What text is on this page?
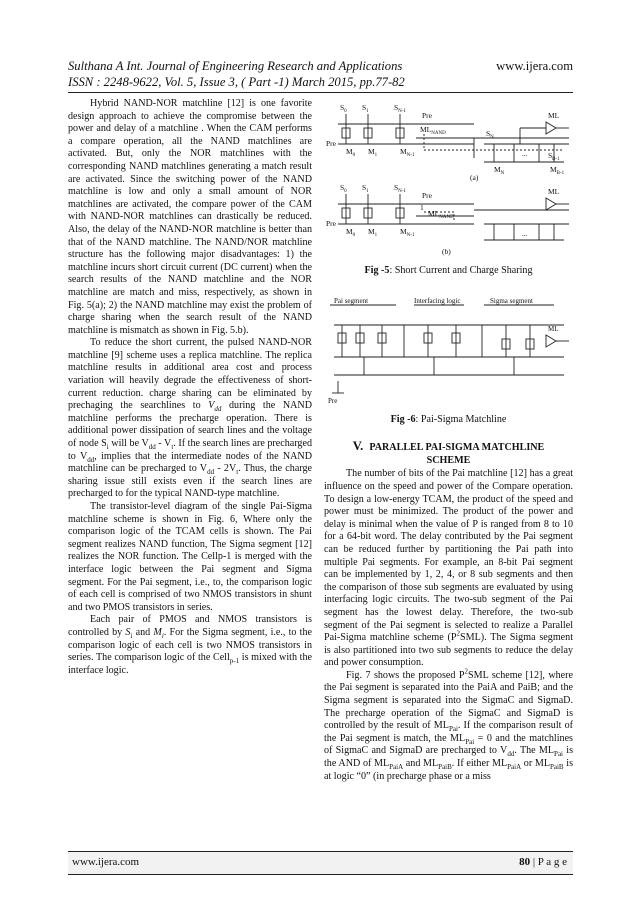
Sulthana A Int. Journal of Engineering Research and Applications
ISSN : 2248-9622, Vol. 5, Issue 3, ( Part -1) March 2015, pp.77-82
www.ijera.com

Hybrid NAND-NOR matchline [12] is one favorite design approach to achieve the compromise between the power and delay of a matchline . When the CAM performs a compare operation, all the NAND matchlines are activated. But, only the NOR matchlines with the corresponding NAND matchlines generating a match result are activated. Since the switching power of the NAND matchline is low and only a small amount of NOR matchlines are activated, the compare power of the CAM with NAND-NOR matchlines can drastically be reduced. Also, the delay of the NAND-NOR matchline is better than that of the NAND matchline. The NAND/NOR matchline structure has the following major disadvantages: 1) the matchline incurs short circuit current (DC current) when the search results of the NAND matchline and the NOR matchline are match and miss, respectively, as shown in Fig. 5(a); 2) the NAND matchline may exist the problem of charge sharing when the search result of the NAND matchline is mismatch as shown in Fig. 5.b).

To reduce the short current, the pulsed NAND-NOR matchline [9] scheme uses a replica matchline. The replica matchline results in additional area cost and process variation will heavily degrade the effectiveness of short-current reduction. charge sharing can be eliminated by prechaging the searchlines to $V_{dd}$ during the NAND matchline performs the precharge operation. There is additional power dissipation of search lines and the voltage of node $S_i$ will be $V_{dd} - V_t$. If the search lines are precharged to $V_{dd}$, implies that the intermediate nodes of the NAND matchline can be precharged to $V_{dd} - 2V_t$. Thus, the charge sharing issue still exists even if the search lines are precharged to for the typical NAND-type matchline.

The transistor-level diagram of the single Pai-Sigma matchline scheme is shown in Fig. 6, Where only the comparison logic of the TCAM cells is shown. The Pai segment realizes NAND function, The Sigma segment [12] realizes the NOR function. The Cellp-1 is merged with the interface logic between the Pai segment and Sigma segment. For the Pai segment, i.e., to, the comparison logic of each cell is comprised of two NMOS transistors in shunt and two PMOS transistors in series.

Each pair of PMOS and NMOS transistors is controlled by $S_i$ and $M_i$. For the Sigma segment, i.e., to the comparison logic of each cell is two NMOS transistors in series. The comparison logic of the Cell$_{p-1}$ is mixed with the interface logic.

$S_0$ $S_1$	$S_{N-1}$ Pre
$ML_{NAND}$
ML
Pre
$M_0$ $M_1$	$M_{N-1}$
$S_N$
$S_{B-1}$
$M_N$	$M_{B-1}$
...
(a)
$S_0$ $S_1$	$S_{N-1}$ Pre
1
$ML_{NAND}$
ML
Pre
$M_0$ $M_1$	$M_{N-1}$	...
(b)
Fig -5: Short Current and Charge Sharing
Pai segment	Interfacing logic	Sigma segment
Pre
ML
Fig -6: Pai-Sigma Matchline
V. PARALLEL PAI-SIGMA MATCHLINE
SCHEME

The number of bits of the Pai matchline [12] has a great influence on the speed and power of the Compare operation. To design a low-energy TCAM, the product of the speed and power must be minimized. The product of the power and delay is minimal when the value of P is ranged from 8 to 10 for a 64-bit word. The delay contributed by the Pai segment can be reduced further by partitioning the Pai path into multiple Pai segments. For example, an 8-bit Pai segment can be implemented by 1, 2, 4, or 8 sub segments and then the comparison of those sub segments are evaluated by using interfacing logic circuits. The two-sub segment of the Pai segment has the lowest delay. Therefore, the two-sub segment of the Pai segment is selected to realize a Parallel Pai-Sigma matchline scheme $(P^2SML)$. The Sigma segment is also partitioned into two sub segments to reduce the delay and power consumption.

Fig. 7 shows the proposed $P^2SML$ scheme [12], where the Pai segment is separated into the PaiA and PaiB; and the Sigma segment is separated into the SigmaC and SigmaD. The precharge operation of the SigmaC and SigmaD is controlled by the result of $ML_{Pai}$. If the comparison result of the Pai segment is match, the $ML_{Pai} = 0$ and the matchlines of SigmaC and SigmaD are precharged to $V_{dd}$. The $ML_{Pai}$ is the AND of $ML_{PaiA}$ and $ML_{PaiB}$. If either $ML_{PaiA}$ or $ML_{PaiB}$ is at logic “0” (in precharge phase or a miss

www.ijera.com	80 | P a g e
